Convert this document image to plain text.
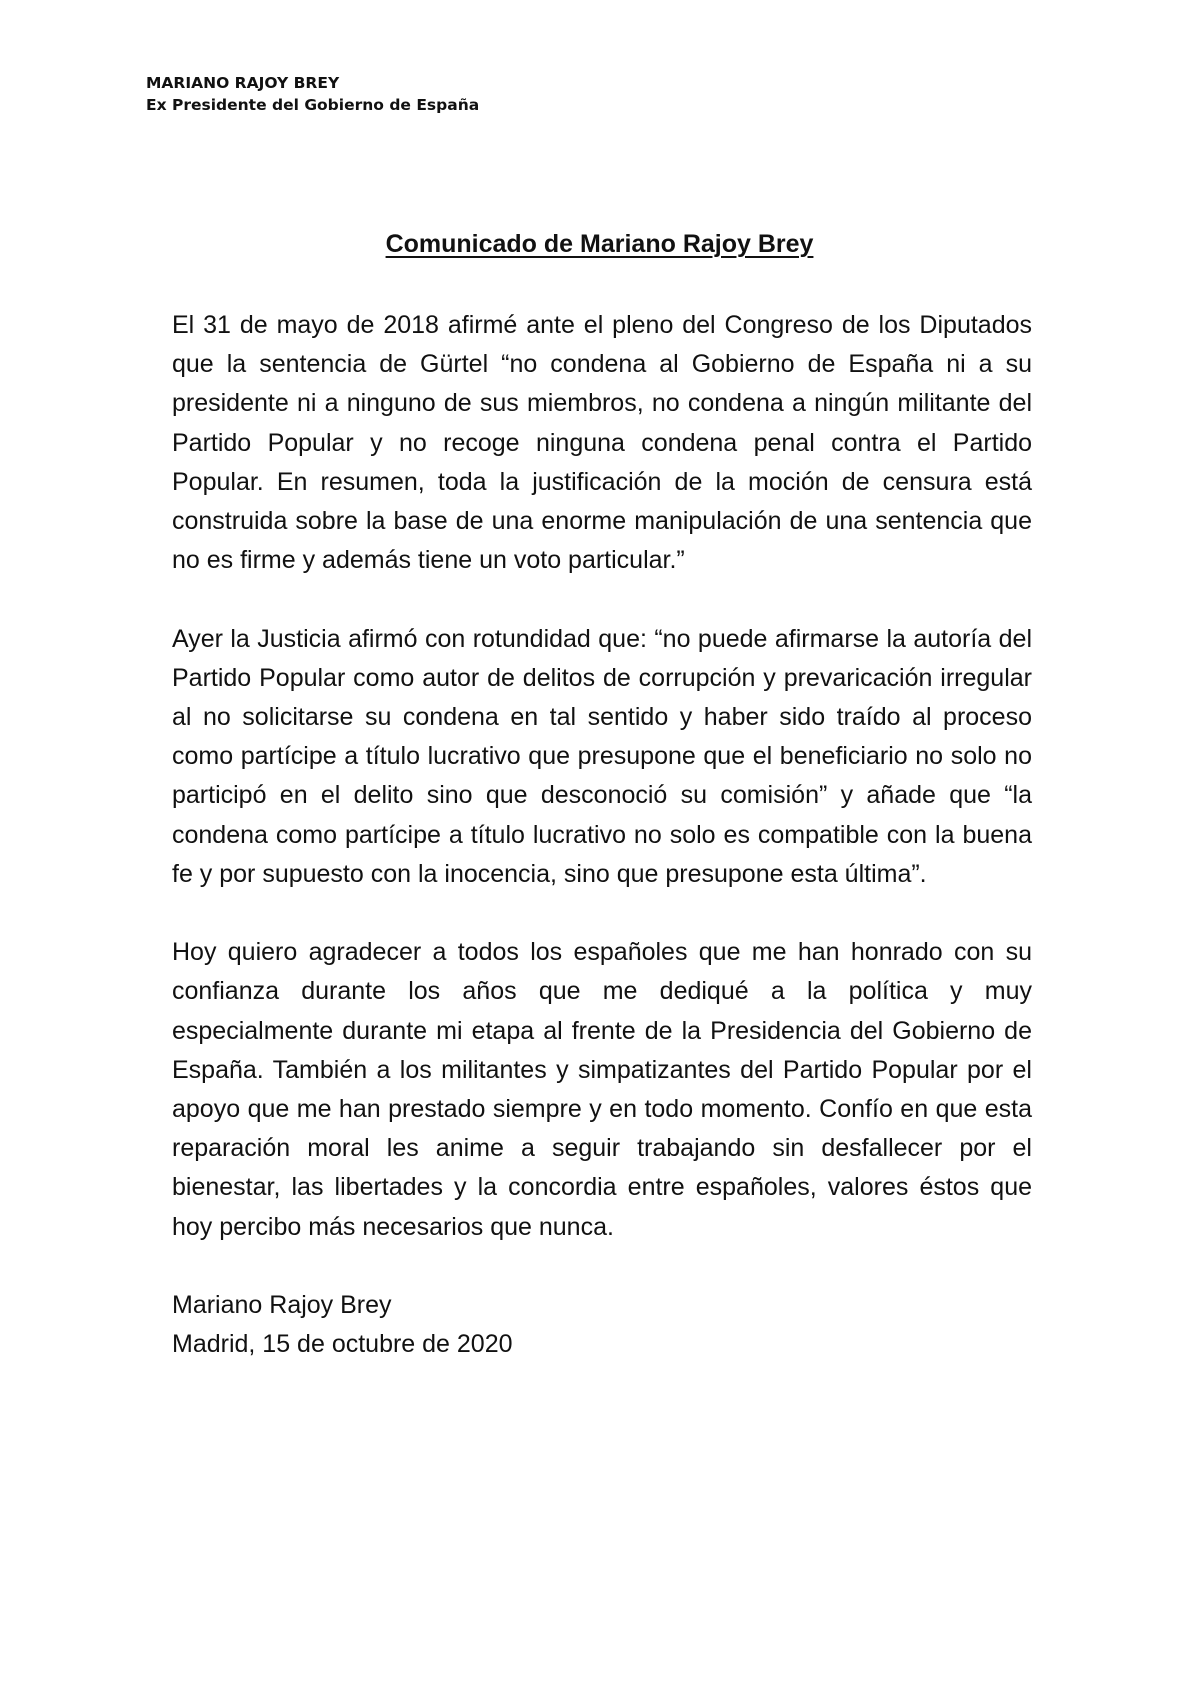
MARIANO RAJOY BREY
Ex Presidente del Gobierno de España
Comunicado de Mariano Rajoy Brey

El 31 de mayo de 2018 afirmé ante el pleno del Congreso de los Diputados que la sentencia de Gürtel “no condena al Gobierno de España ni a su presidente ni a ninguno de sus miembros, no condena a ningún militante del Partido Popular y no recoge ninguna condena penal contra el Partido Popular. En resumen, toda la justificación de la moción de censura está construida sobre la base de una enorme manipulación de una sentencia que no es firme y además tiene un voto particular.”

Ayer la Justicia afirmó con rotundidad que: “no puede afirmarse la autoría del Partido Popular como autor de delitos de corrupción y prevaricación irregular al no solicitarse su condena en tal sentido y haber sido traído al proceso como partícipe a título lucrativo que presupone que el beneficiario no solo no participó en el delito sino que desconoció su comisión” y añade que “la condena como partícipe a título lucrativo no solo es compatible con la buena fe y por supuesto con la inocencia, sino que presupone esta última”.

Hoy quiero agradecer a todos los españoles que me han honrado con su confianza durante los años que me dediqué a la política y muy especialmente durante mi etapa al frente de la Presidencia del Gobierno de España. También a los militantes y simpatizantes del Partido Popular por el apoyo que me han prestado siempre y en todo momento. Confío en que esta reparación moral les anime a seguir trabajando sin desfallecer por el bienestar, las libertades y la concordia entre españoles, valores éstos que hoy percibo más necesarios que nunca.

Mariano Rajoy Brey
Madrid, 15 de octubre de 2020
